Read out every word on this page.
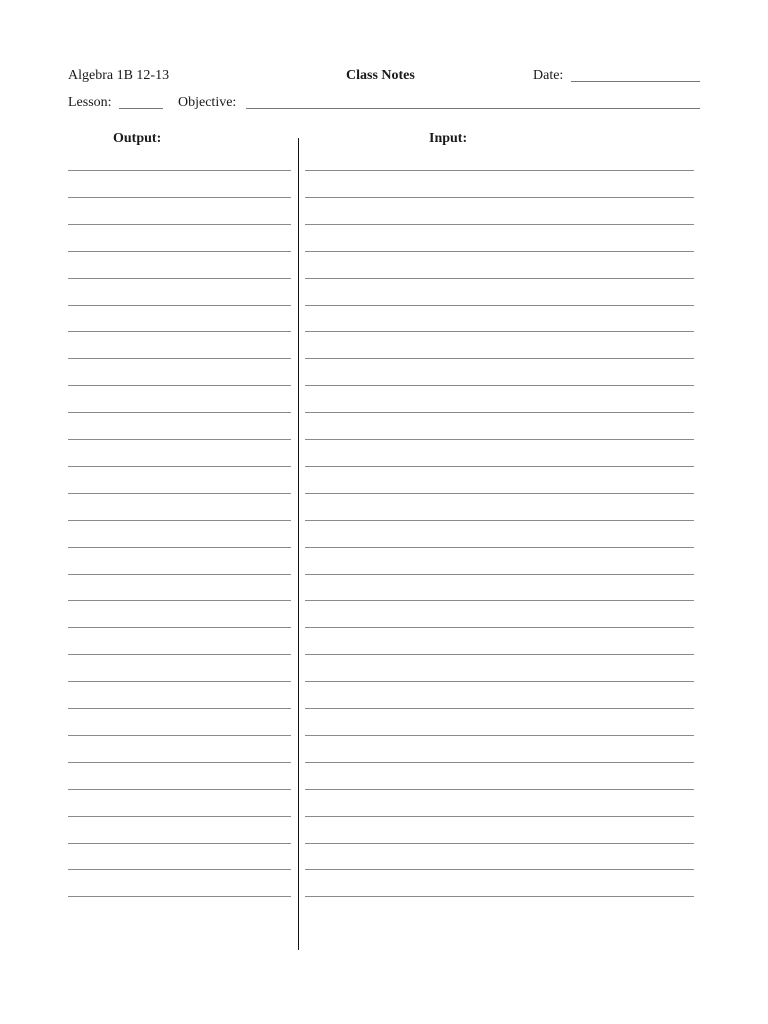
Algebra 1B 12-13	Class Notes	Date:
Lesson:	Objective:
Output:	Input:
